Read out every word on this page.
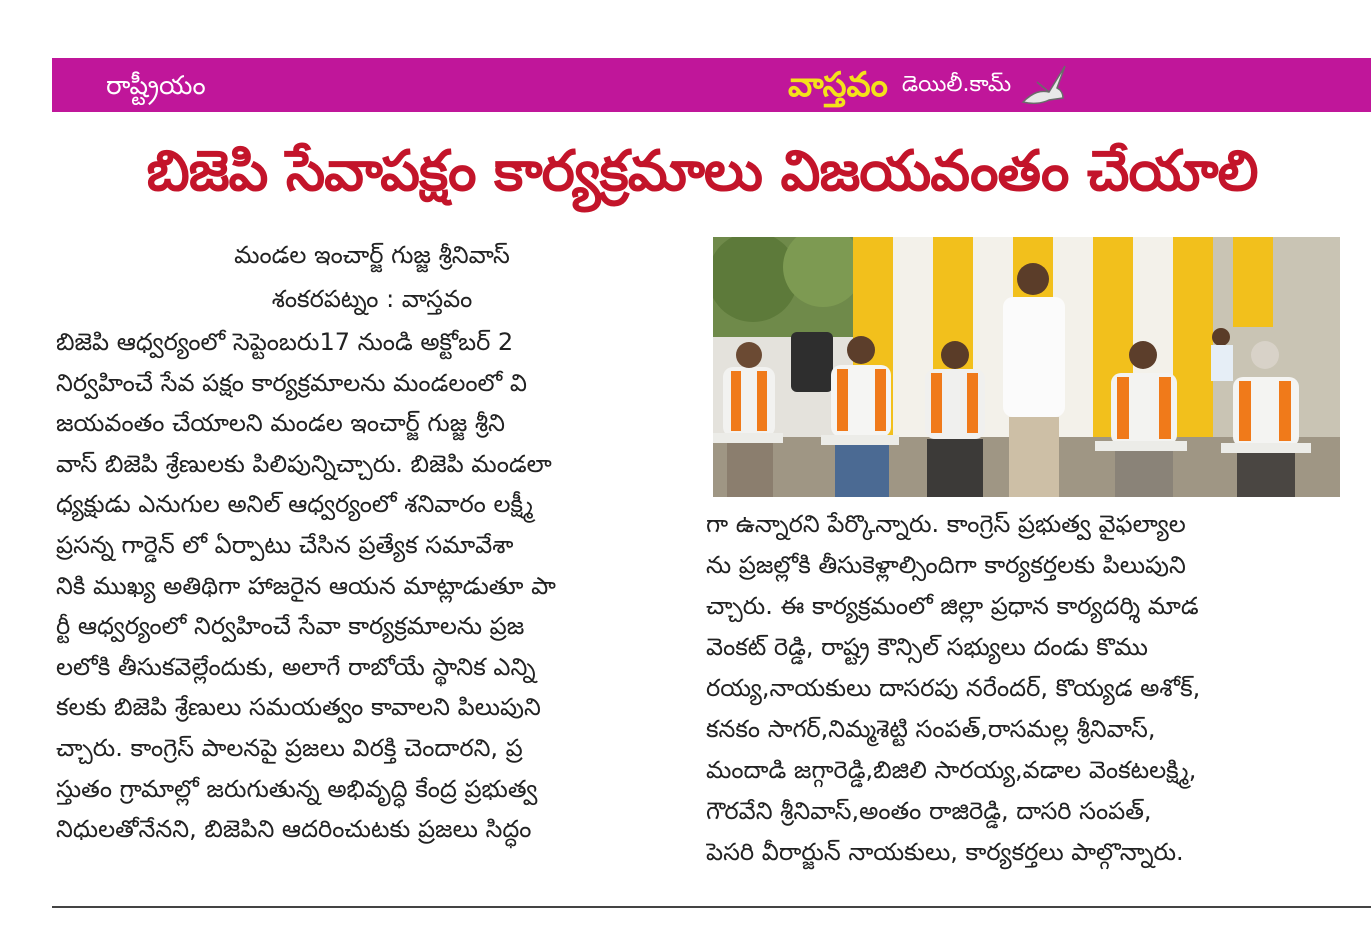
రాష్ట్రీయం	వాస్తవం డెయిలీ.కామ్
బిజెపి సేవాపక్షం కార్యక్రమాలు విజయవంతం చేయాలి
మండల ఇంచార్జ్ గుజ్జ శ్రీనివాస్
శంకరపట్నం : వాస్తవం
బిజెపి ఆధ్వర్యంలో సెప్టెంబరు17 నుండి అక్టోబర్ 2
నిర్వహించే సేవ పక్షం కార్యక్రమాలను మండలంలో వి
జయవంతం చేయాలని మండల ఇంచార్జ్ గుజ్జ శ్రీని
వాస్ బిజెపి శ్రేణులకు పిలిపున్నిచ్చారు. బిజెపి మండలా
ధ్యక్షుడు ఎనుగుల అనిల్ ఆధ్వర్యంలో శనివారం లక్ష్మీ
ప్రసన్న గార్డెన్ లో ఏర్పాటు చేసిన ప్రత్యేక సమావేశా
నికి ముఖ్య అతిథిగా హాజరైన ఆయన మాట్లాడుతూ పా
ర్టీ ఆధ్వర్యంలో నిర్వహించే సేవా కార్యక్రమాలను ప్రజ
లలోకి తీసుకవెల్లేందుకు, అలాగే రాబోయే స్థానిక ఎన్ని
కలకు బిజెపి శ్రేణులు సమయత్వం కావాలని పిలుపుని
చ్చారు. కాంగ్రెస్ పాలనపై ప్రజలు విరక్తి చెందారని, ప్ర
స్తుతం గ్రామాల్లో జరుగుతున్న అభివృద్ధి కేంద్ర ప్రభుత్వ
నిధులతోనేనని, బిజెపిని ఆదరించుటకు ప్రజలు సిద్ధం
గా ఉన్నారని పేర్కొన్నారు. కాంగ్రెస్ ప్రభుత్వ వైఫల్యాల
ను ప్రజల్లోకి తీసుకెళ్లాల్సిందిగా కార్యకర్తలకు పిలుపుని
చ్చారు. ఈ కార్యక్రమంలో జిల్లా ప్రధాన కార్యదర్శి మాడ
వెంకట్ రెడ్డి, రాష్ట్ర కౌన్సిల్ సభ్యులు దండు కొము
రయ్య,నాయకులు దాసరపు నరేందర్, కొయ్యడ అశోక్,
కనకం సాగర్,నిమ్మశెట్టి సంపత్,రాసమల్ల శ్రీనివాస్,
మందాడి జగ్గారెడ్డి,బిజిలి సారయ్య,వడాల వెంకటలక్ష్మి,
గౌరవేని శ్రీనివాస్,అంతం రాజిరెడ్డి, దాసరి సంపత్,
పెసరి వీరార్జున్ నాయకులు, కార్యకర్తలు పాల్గొన్నారు.
